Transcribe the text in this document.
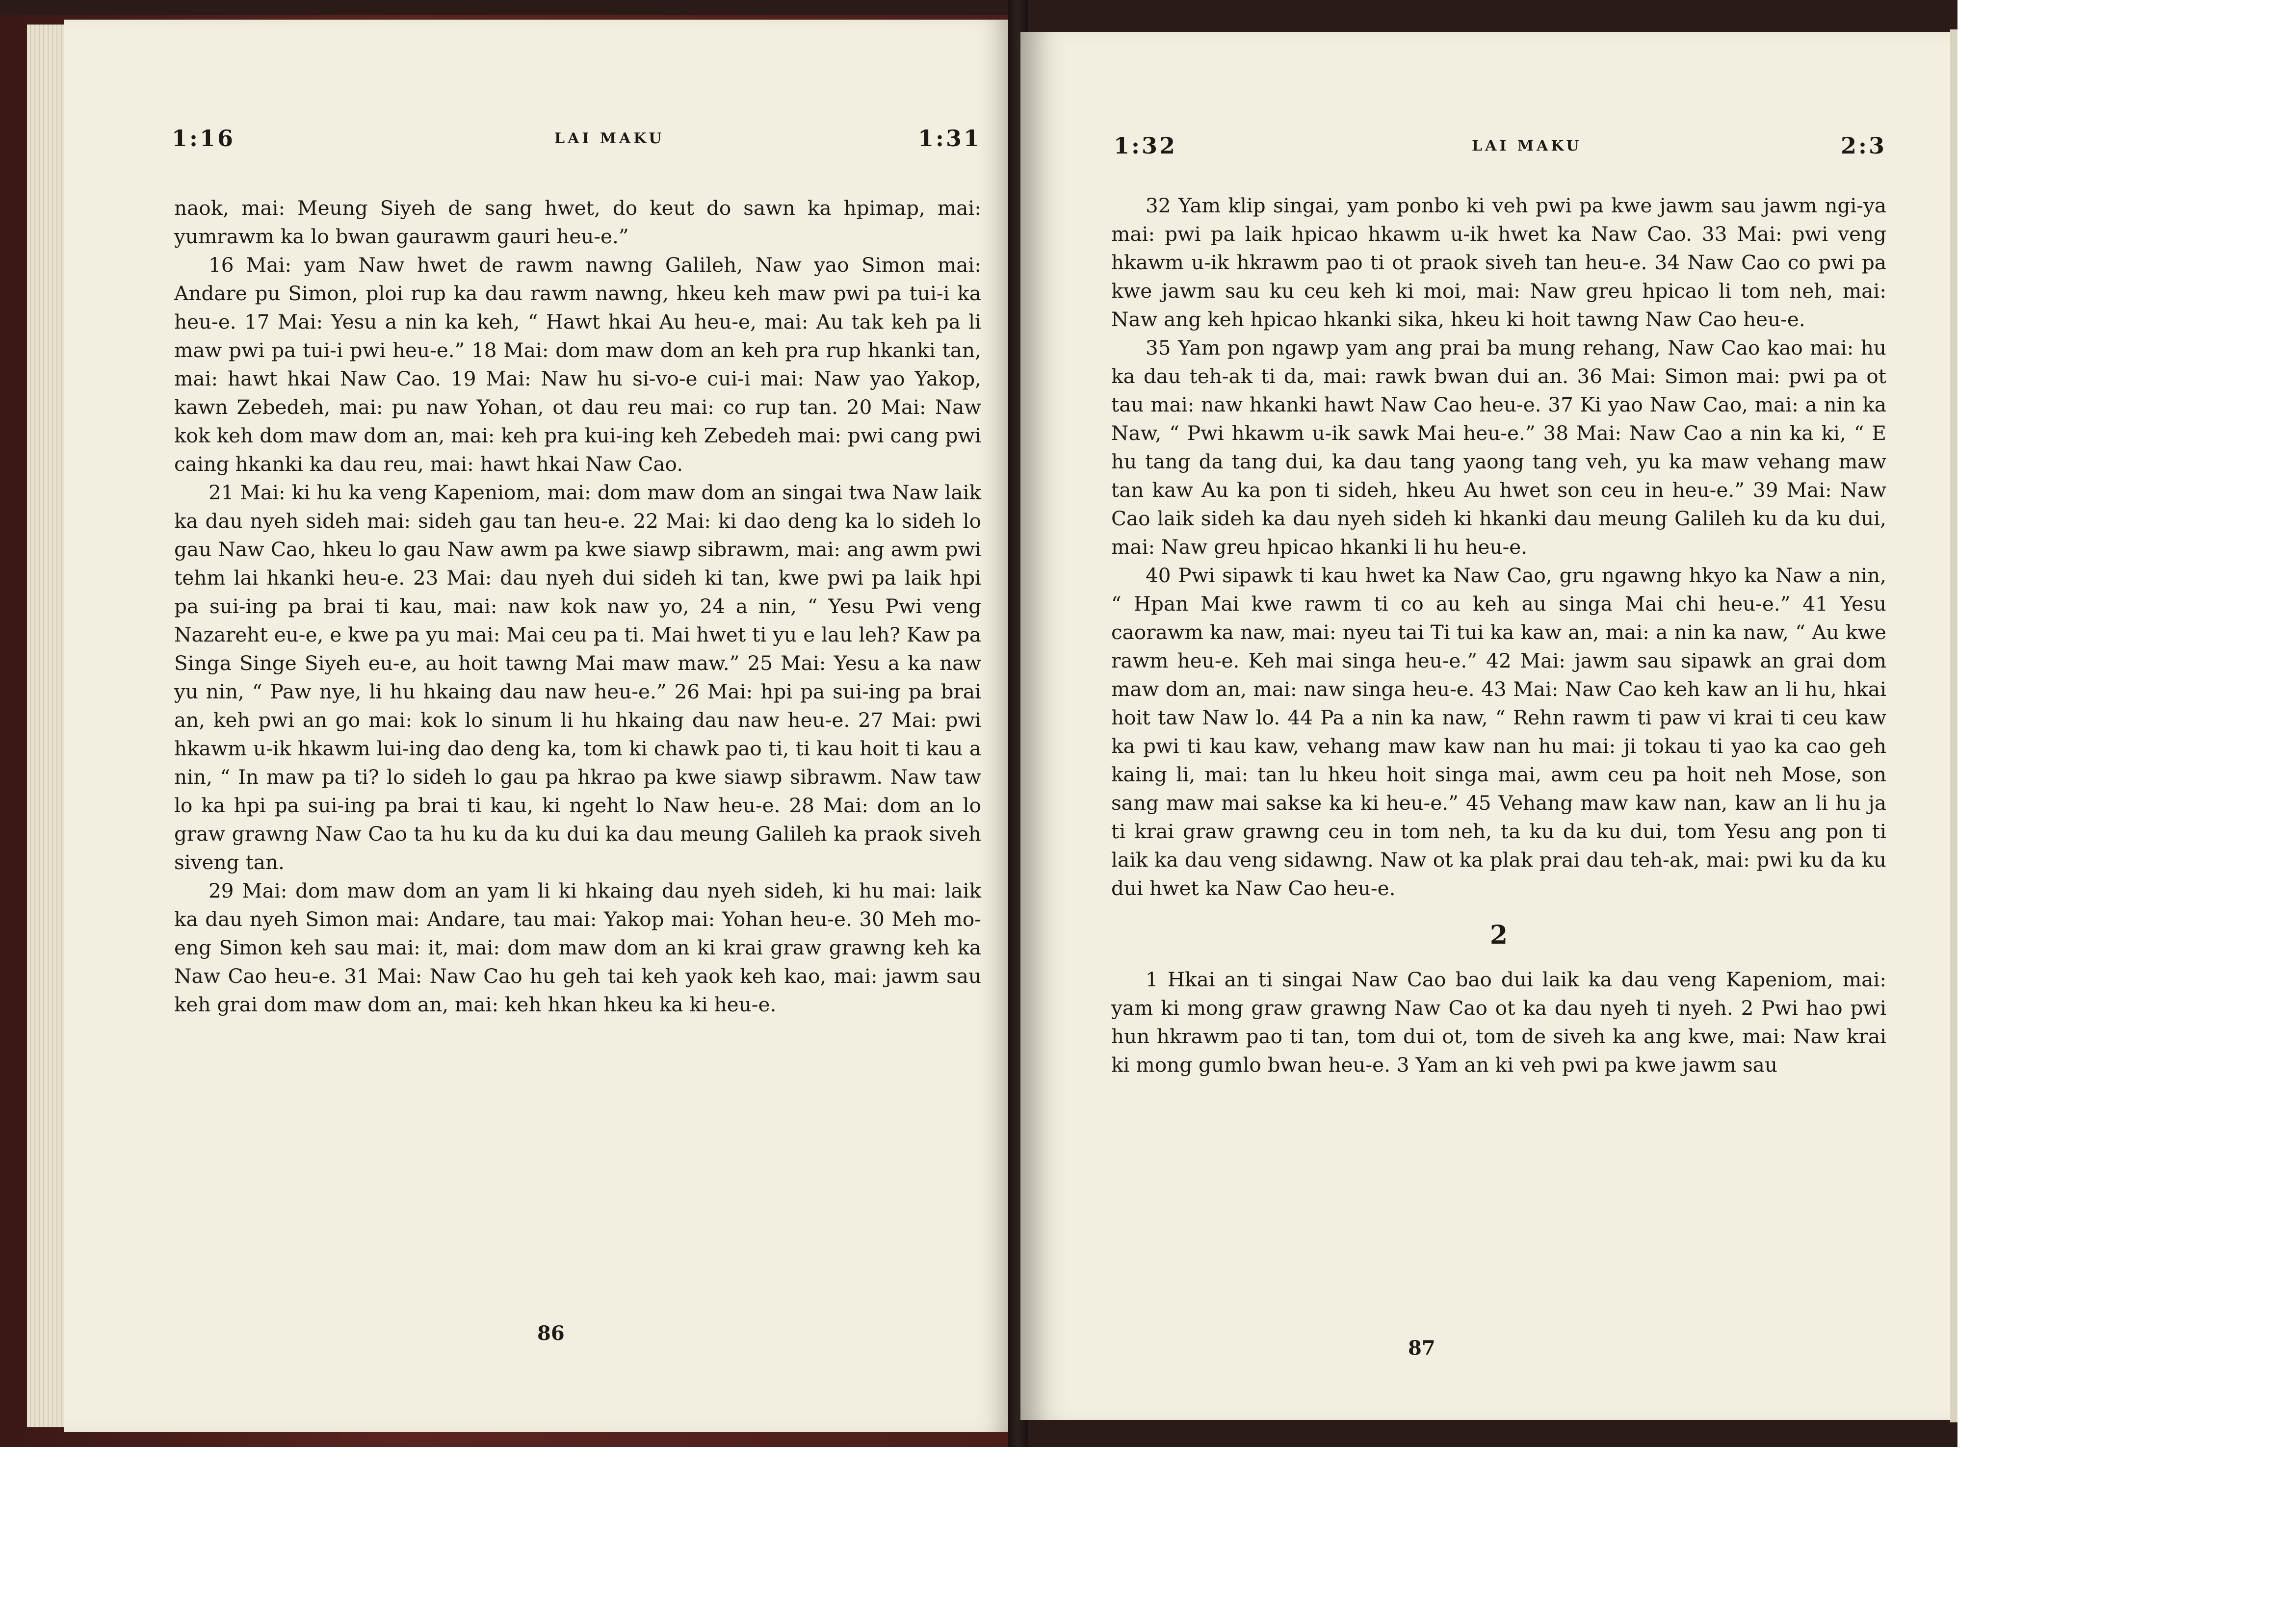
1:16	LAI MAKU	1:31

naok, mai: Meung Siyeh de sang hwet, do keut do sawn ka hpimap, mai: yumrawm ka lo bwan gaurawm gauri heu-e.”

16 Mai: yam Naw hwet de rawm nawng Galileh, Naw yao Simon mai: Andare pu Simon, ploi rup ka dau rawm nawng, hkeu keh maw pwi pa tui-i ka heu-e. 17 Mai: Yesu a nin ka keh, “ Hawt hkai Au heu-e, mai: Au tak keh pa li maw pwi pa tui-i pwi heu-e.” 18 Mai: dom maw dom an keh pra rup hkanki tan, mai: hawt hkai Naw Cao. 19 Mai: Naw hu si-vo-e cui-i mai: Naw yao Yakop, kawn Zebedeh, mai: pu naw Yohan, ot dau reu mai: co rup tan. 20 Mai: Naw kok keh dom maw dom an, mai: keh pra kui-ing keh Zebedeh mai: pwi cang pwi caing hkanki ka dau reu, mai: hawt hkai Naw Cao.

21 Mai: ki hu ka veng Kapeniom, mai: dom maw dom an singai twa Naw laik ka dau nyeh sideh mai: sideh gau tan heu-e. 22 Mai: ki dao deng ka lo sideh lo gau Naw Cao, hkeu lo gau Naw awm pa kwe siawp sibrawm, mai: ang awm pwi tehm lai hkanki heu-e. 23 Mai: dau nyeh dui sideh ki tan, kwe pwi pa laik hpi pa sui-ing pa brai ti kau, mai: naw kok naw yo, 24 a nin, “ Yesu Pwi veng Nazareht eu-e, e kwe pa yu mai: Mai ceu pa ti. Mai hwet ti yu e lau leh? Kaw pa Singa Singe Siyeh eu-e, au hoit tawng Mai maw maw.” 25 Mai: Yesu a ka naw yu nin, “ Paw nye, li hu hkaing dau naw heu-e.” 26 Mai: hpi pa sui-ing pa brai an, keh pwi an go mai: kok lo sinum li hu hkaing dau naw heu-e. 27 Mai: pwi hkawm u-ik hkawm lui-ing dao deng ka, tom ki chawk pao ti, ti kau hoit ti kau a nin, “ In maw pa ti? lo sideh lo gau pa hkrao pa kwe siawp sibrawm. Naw taw lo ka hpi pa sui-ing pa brai ti kau, ki ngeht lo Naw heu-e. 28 Mai: dom an lo graw grawng Naw Cao ta hu ku da ku dui ka dau meung Galileh ka praok siveh siveng tan.

29 Mai: dom maw dom an yam li ki hkaing dau nyeh sideh, ki hu mai: laik ka dau nyeh Simon mai: Andare, tau mai: Yakop mai: Yohan heu-e. 30 Meh mo-eng Simon keh sau mai: it, mai: dom maw dom an ki krai graw grawng keh ka Naw Cao heu-e. 31 Mai: Naw Cao hu geh tai keh yaok keh kao, mai: jawm sau keh grai dom maw dom an, mai: keh hkan hkeu ka ki heu-e.

86
1:32	LAI MAKU	2:3

32 Yam klip singai, yam ponbo ki veh pwi pa kwe jawm sau jawm ngi-ya mai: pwi pa laik hpicao hkawm u-ik hwet ka Naw Cao. 33 Mai: pwi veng hkawm u-ik hkrawm pao ti ot praok siveh tan heu-e. 34 Naw Cao co pwi pa kwe jawm sau ku ceu keh ki moi, mai: Naw greu hpicao li tom neh, mai: Naw ang keh hpicao hkanki sika, hkeu ki hoit tawng Naw Cao heu-e.

35 Yam pon ngawp yam ang prai ba mung rehang, Naw Cao kao mai: hu ka dau teh-ak ti da, mai: rawk bwan dui an. 36 Mai: Simon mai: pwi pa ot tau mai: naw hkanki hawt Naw Cao heu-e. 37 Ki yao Naw Cao, mai: a nin ka Naw, “ Pwi hkawm u-ik sawk Mai heu-e.” 38 Mai: Naw Cao a nin ka ki, “ E hu tang da tang dui, ka dau tang yaong tang veh, yu ka maw vehang maw tan kaw Au ka pon ti sideh, hkeu Au hwet son ceu in heu-e.” 39 Mai: Naw Cao laik sideh ka dau nyeh sideh ki hkanki dau meung Galileh ku da ku dui, mai: Naw greu hpicao hkanki li hu heu-e.

40 Pwi sipawk ti kau hwet ka Naw Cao, gru ngawng hkyo ka Naw a nin, “ Hpan Mai kwe rawm ti co au keh au singa Mai chi heu-e.” 41 Yesu caorawm ka naw, mai: nyeu tai Ti tui ka kaw an, mai: a nin ka naw, “ Au kwe rawm heu-e. Keh mai singa heu-e.” 42 Mai: jawm sau sipawk an grai dom maw dom an, mai: naw singa heu-e. 43 Mai: Naw Cao keh kaw an li hu, hkai hoit taw Naw lo. 44 Pa a nin ka naw, “ Rehn rawm ti paw vi krai ti ceu kaw ka pwi ti kau kaw, vehang maw kaw nan hu mai: ji tokau ti yao ka cao geh kaing li, mai: tan lu hkeu hoit singa mai, awm ceu pa hoit neh Mose, son sang maw mai sakse ka ki heu-e.” 45 Vehang maw kaw nan, kaw an li hu ja ti krai graw grawng ceu in tom neh, ta ku da ku dui, tom Yesu ang pon ti laik ka dau veng sidawng. Naw ot ka plak prai dau teh-ak, mai: pwi ku da ku dui hwet ka Naw Cao heu-e.

2

1 Hkai an ti singai Naw Cao bao dui laik ka dau veng Kapeniom, mai: yam ki mong graw grawng Naw Cao ot ka dau nyeh ti nyeh. 2 Pwi hao pwi hun hkrawm pao ti tan, tom dui ot, tom de siveh ka ang kwe, mai: Naw krai ki mong gumlo bwan heu-e. 3 Yam an ki veh pwi pa kwe jawm sau

87
